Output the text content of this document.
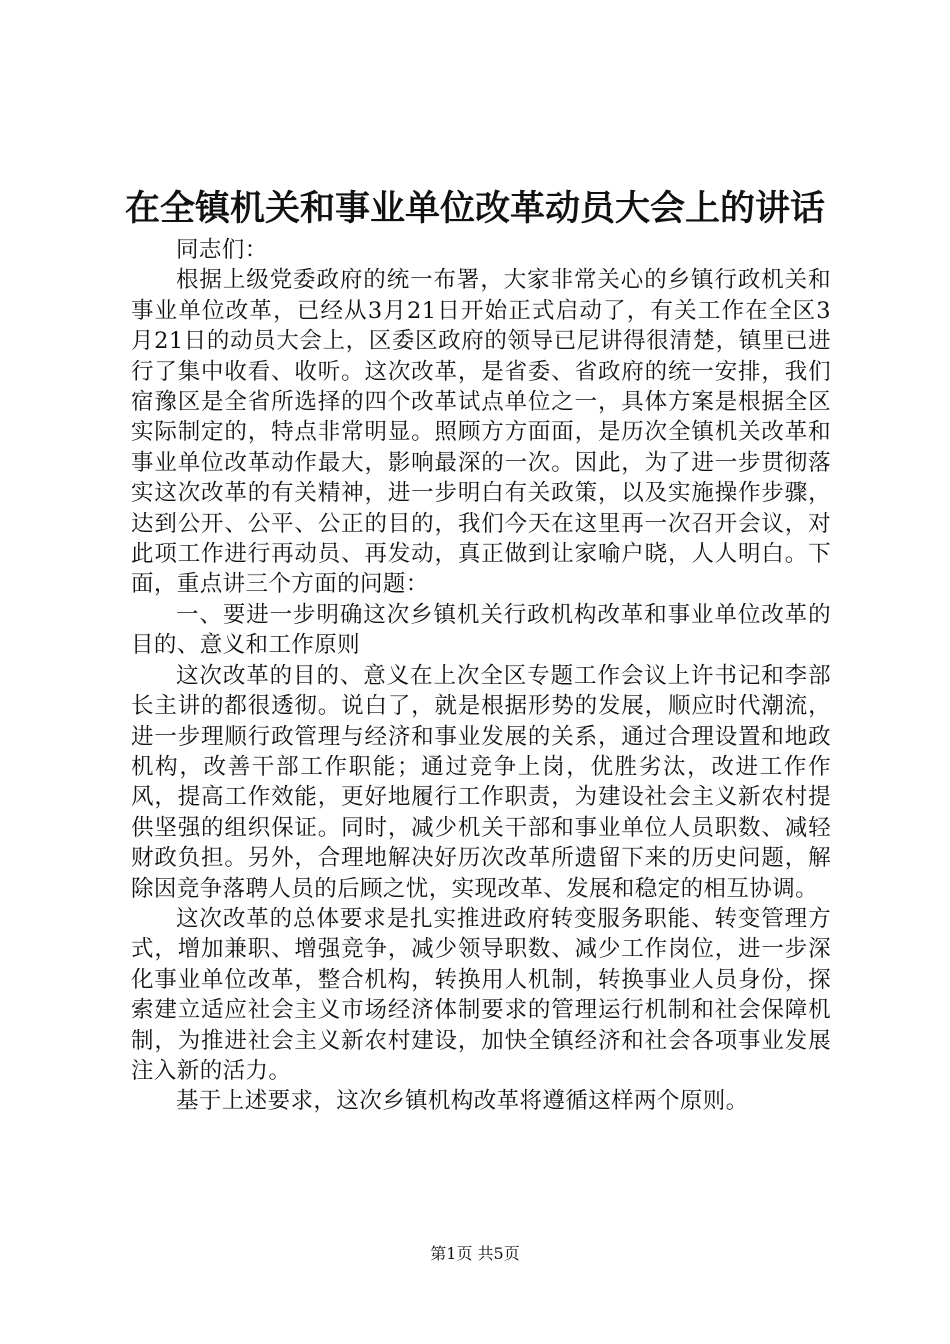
在全镇机关和事业单位改革动员大会上的讲话

同志们：

根据上级党委政府的统一布署，大家非常关心的乡镇行政机关和事业单位改革，已经从3月21日开始正式启动了，有关工作在全区3月21日的动员大会上，区委区政府的领导已尼讲得很清楚，镇里已进行了集中收看、收听。这次改革，是省委、省政府的统一安排，我们宿豫区是全省所选择的四个改革试点单位之一，具体方案是根据全区实际制定的，特点非常明显。照顾方方面面，是历次全镇机关改革和事业单位改革动作最大，影响最深的一次。因此，为了进一步贯彻落实这次改革的有关精神，进一步明白有关政策，以及实施操作步骤，达到公开、公平、公正的目的，我们今天在这里再一次召开会议，对此项工作进行再动员、再发动，真正做到让家喻户晓，人人明白。下面，重点讲三个方面的问题：

一、要进一步明确这次乡镇机关行政机构改革和事业单位改革的目的、意义和工作原则

这次改革的目的、意义在上次全区专题工作会议上许书记和李部长主讲的都很透彻。说白了，就是根据形势的发展，顺应时代潮流，进一步理顺行政管理与经济和事业发展的关系，通过合理设置和地政机构，改善干部工作职能；通过竞争上岗，优胜劣汰，改进工作作风，提高工作效能，更好地履行工作职责，为建设社会主义新农村提供坚强的组织保证。同时，减少机关干部和事业单位人员职数、减轻财政负担。另外，合理地解决好历次改革所遗留下来的历史问题，解除因竞争落聘人员的后顾之忧，实现改革、发展和稳定的相互协调。

这次改革的总体要求是扎实推进政府转变服务职能、转变管理方式，增加兼职、增强竞争，减少领导职数、减少工作岗位，进一步深化事业单位改革，整合机构，转换用人机制，转换事业人员身份，探索建立适应社会主义市场经济体制要求的管理运行机制和社会保障机制，为推进社会主义新农村建设，加快全镇经济和社会各项事业发展注入新的活力。

基于上述要求，这次乡镇机构改革将遵循这样两个原则。

第1页 共5页
